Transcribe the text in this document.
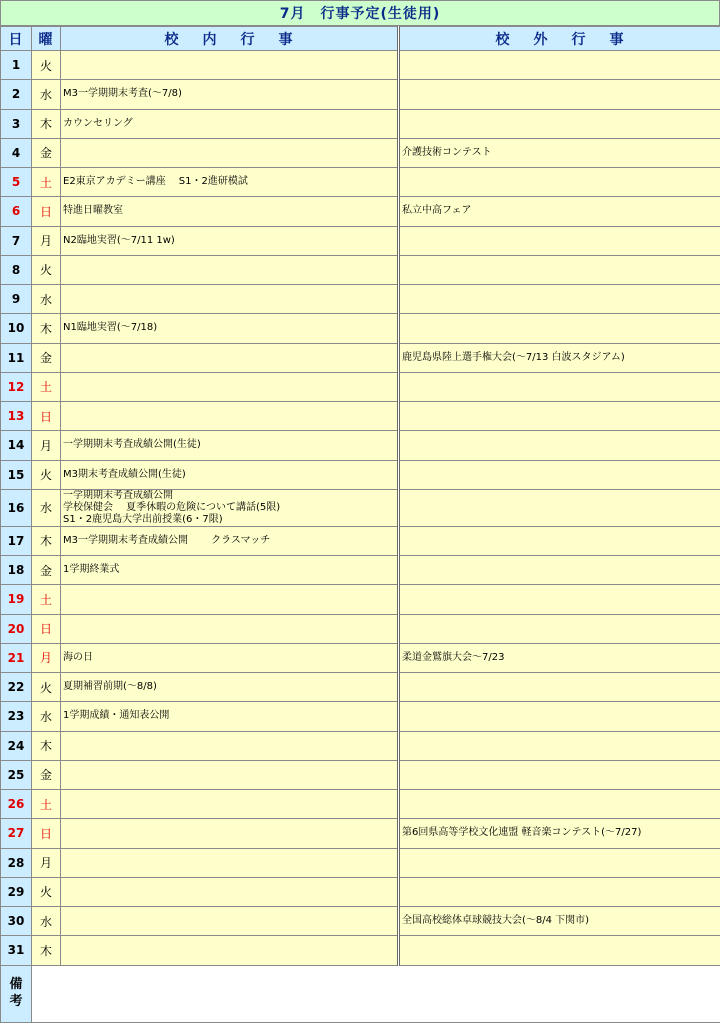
7月　行事予定(生徒用)
日	曜	校 内 行 事	校 外 行 事
1	火	

2	水	M3一学期期末考査(～7/8)	

3	木	カウンセリング	

4	金		介護技術コンテスト

5	土	E2東京アカデミー講座　 S1・2進研模試	

6	日	特進日曜教室	私立中高フェア

7	月	N2臨地実習(～7/11 1w)	

8	火	

9	水	

10	木	N1臨地実習(～7/18)	

11	金		鹿児島県陸上選手権大会(～7/13 白波スタジアム)

12	土	

13	日	

14	月	一学期期末考査成績公開(生徒)	

15	火	M3期末考査成績公開(生徒)	

16	水	一学期期末考査成績公開
学校保健会　 夏季休暇の危険について講話(5限)
S1・2鹿児島大学出前授業(6・7限)	

17	木	M3一学期期末考査成績公開　　 クラスマッチ	

18	金	1学期終業式	

19	土	

20	日	

21	月	海の日	柔道金鷲旗大会～7/23

22	火	夏期補習前期(～8/8)	

23	水	1学期成績・通知表公開	

24	木	

25	金	

26	土	

27	日		第6回県高等学校文化連盟 軽音楽コンテスト(～7/27)

28	月	

29	火	

30	水		全国高校総体卓球競技大会(～8/4 下関市)

31	木	

備
考			
